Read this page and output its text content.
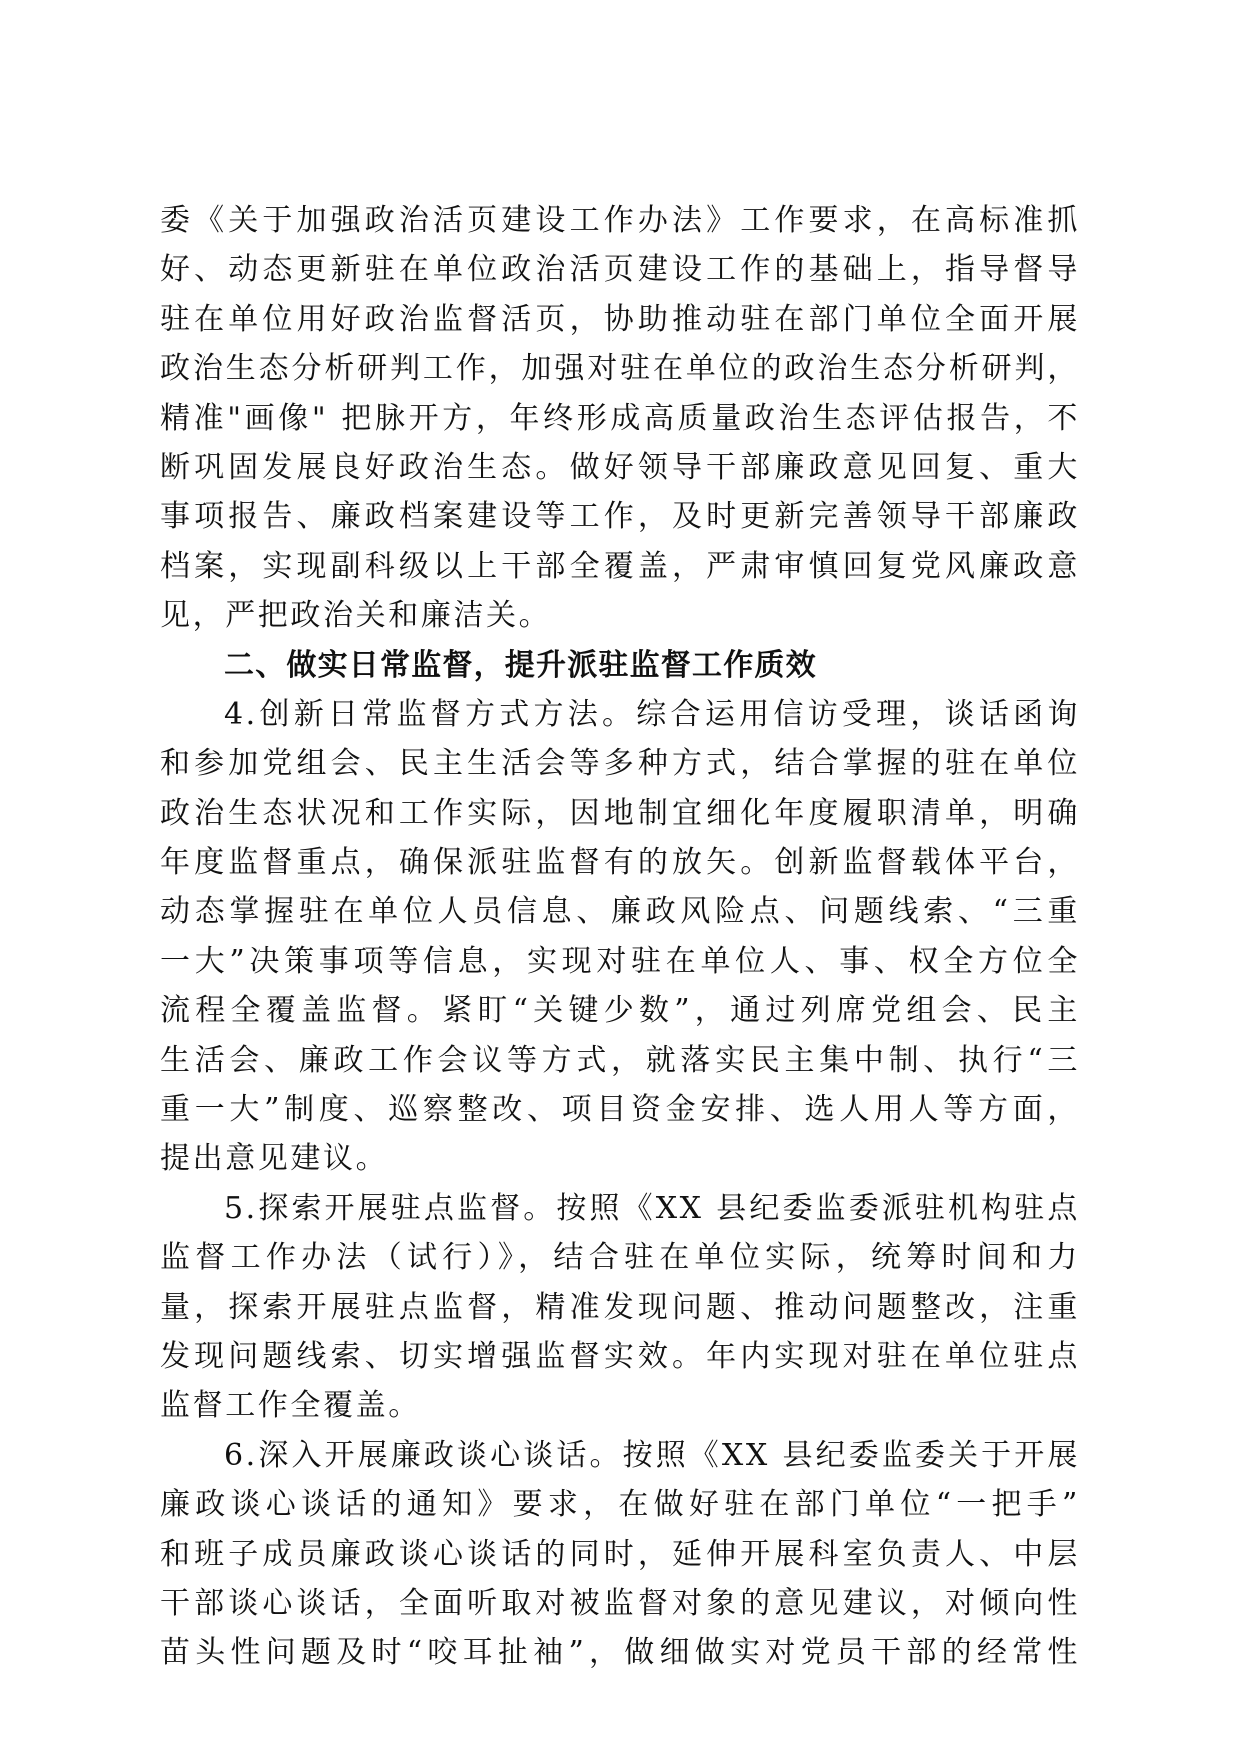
委《关于加强政治活页建设工作办法》工作要求，在高标准抓
好、动态更新驻在单位政治活页建设工作的基础上，指导督导
驻在单位用好政治监督活页，协助推动驻在部门单位全面开展
政治生态分析研判工作，加强对驻在单位的政治生态分析研判，
精准"画像" 把脉开方，年终形成高质量政治生态评估报告，不
断巩固发展良好政治生态。做好领导干部廉政意见回复、重大
事项报告、廉政档案建设等工作，及时更新完善领导干部廉政
档案，实现副科级以上干部全覆盖，严肃审慎回复党风廉政意
见，严把政治关和廉洁关。
二、做实日常监督，提升派驻监督工作质效
4.创新日常监督方式方法。综合运用信访受理，谈话函询
和参加党组会、民主生活会等多种方式，结合掌握的驻在单位
政治生态状况和工作实际，因地制宜细化年度履职清单，明确
年度监督重点，确保派驻监督有的放矢。创新监督载体平台，
动态掌握驻在单位人员信息、廉政风险点、问题线索、“三重
一大”决策事项等信息，实现对驻在单位人、事、权全方位全
流程全覆盖监督。紧盯“关键少数”，通过列席党组会、民主
生活会、廉政工作会议等方式，就落实民主集中制、执行“三
重一大”制度、巡察整改、项目资金安排、选人用人等方面，
提出意见建议。
5.探索开展驻点监督。按照《XX 县纪委监委派驻机构驻点
监督工作办法（试行）》，结合驻在单位实际，统筹时间和力
量，探索开展驻点监督，精准发现问题、推动问题整改，注重
发现问题线索、切实增强监督实效。年内实现对驻在单位驻点
监督工作全覆盖。
6.深入开展廉政谈心谈话。按照《XX 县纪委监委关于开展
廉政谈心谈话的通知》要求，在做好驻在部门单位“一把手”
和班子成员廉政谈心谈话的同时，延伸开展科室负责人、中层
干部谈心谈话，全面听取对被监督对象的意见建议，对倾向性
苗头性问题及时“咬耳扯袖”，做细做实对党员干部的经常性
